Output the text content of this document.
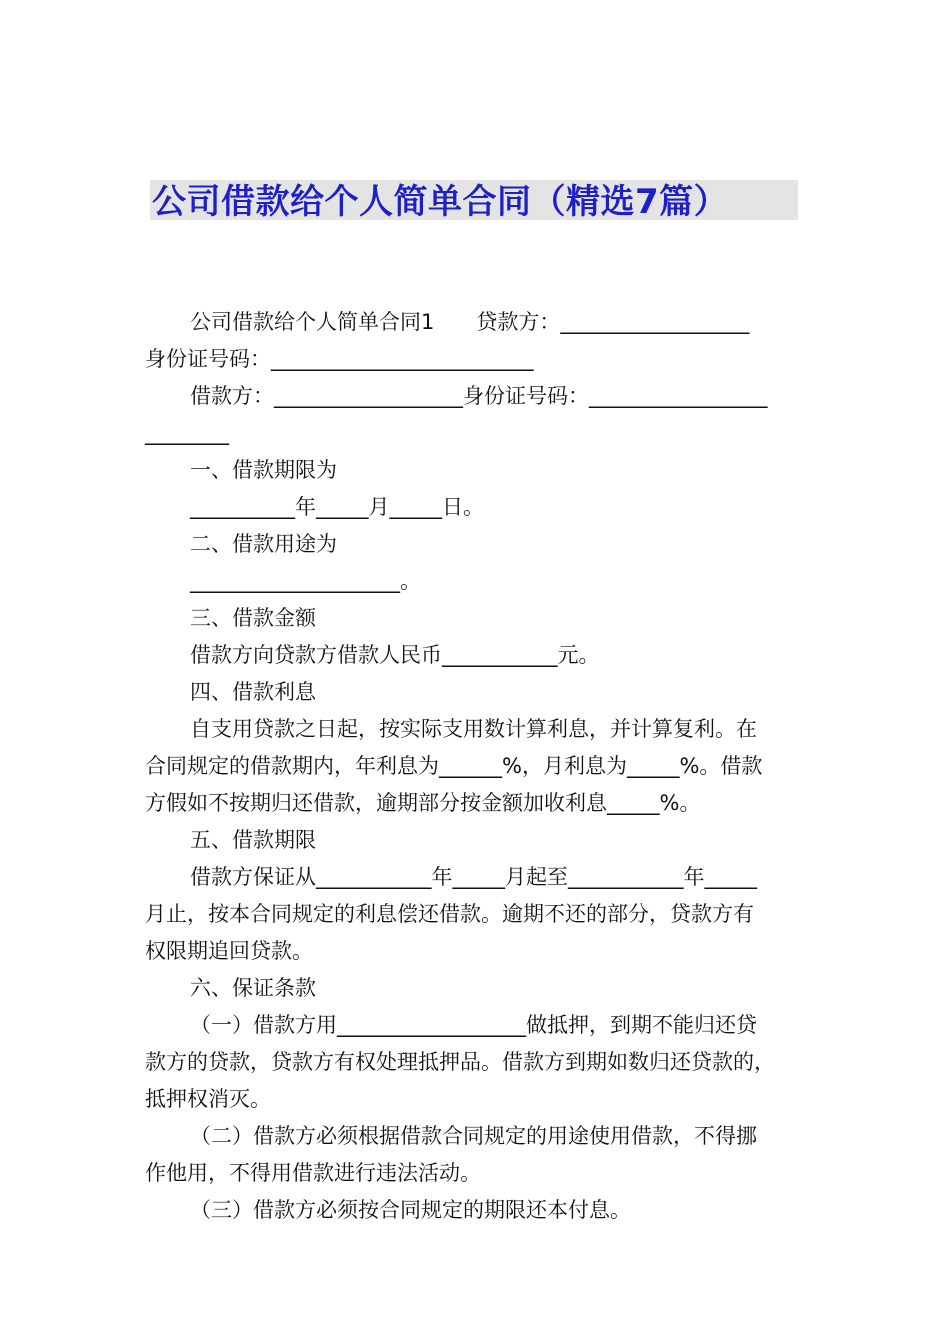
公司借款给个人简单合同（精选7篇）

公司借款给个人简单合同1　　贷款方：__________________

身份证号码：_________________________

借款方：__________________身份证号码：_________________

________

一、借款期限为

__________年_____月_____日。

二、借款用途为

____________________。

三、借款金额

借款方向贷款方借款人民币___________元。

四、借款利息

自支用贷款之日起，按实际支用数计算利息，并计算复利。在

合同规定的借款期内，年利息为______%，月利息为_____%。借款

方假如不按期归还借款，逾期部分按金额加收利息_____%。

五、借款期限

借款方保证从___________年_____月起至___________年_____

月止，按本合同规定的利息偿还借款。逾期不还的部分，贷款方有

权限期追回贷款。

六、保证条款

（一）借款方用__________________做抵押，到期不能归还贷

款方的贷款，贷款方有权处理抵押品。借款方到期如数归还贷款的，

抵押权消灭。

（二）借款方必须根据借款合同规定的用途使用借款，不得挪

作他用，不得用借款进行违法活动。

（三）借款方必须按合同规定的期限还本付息。
